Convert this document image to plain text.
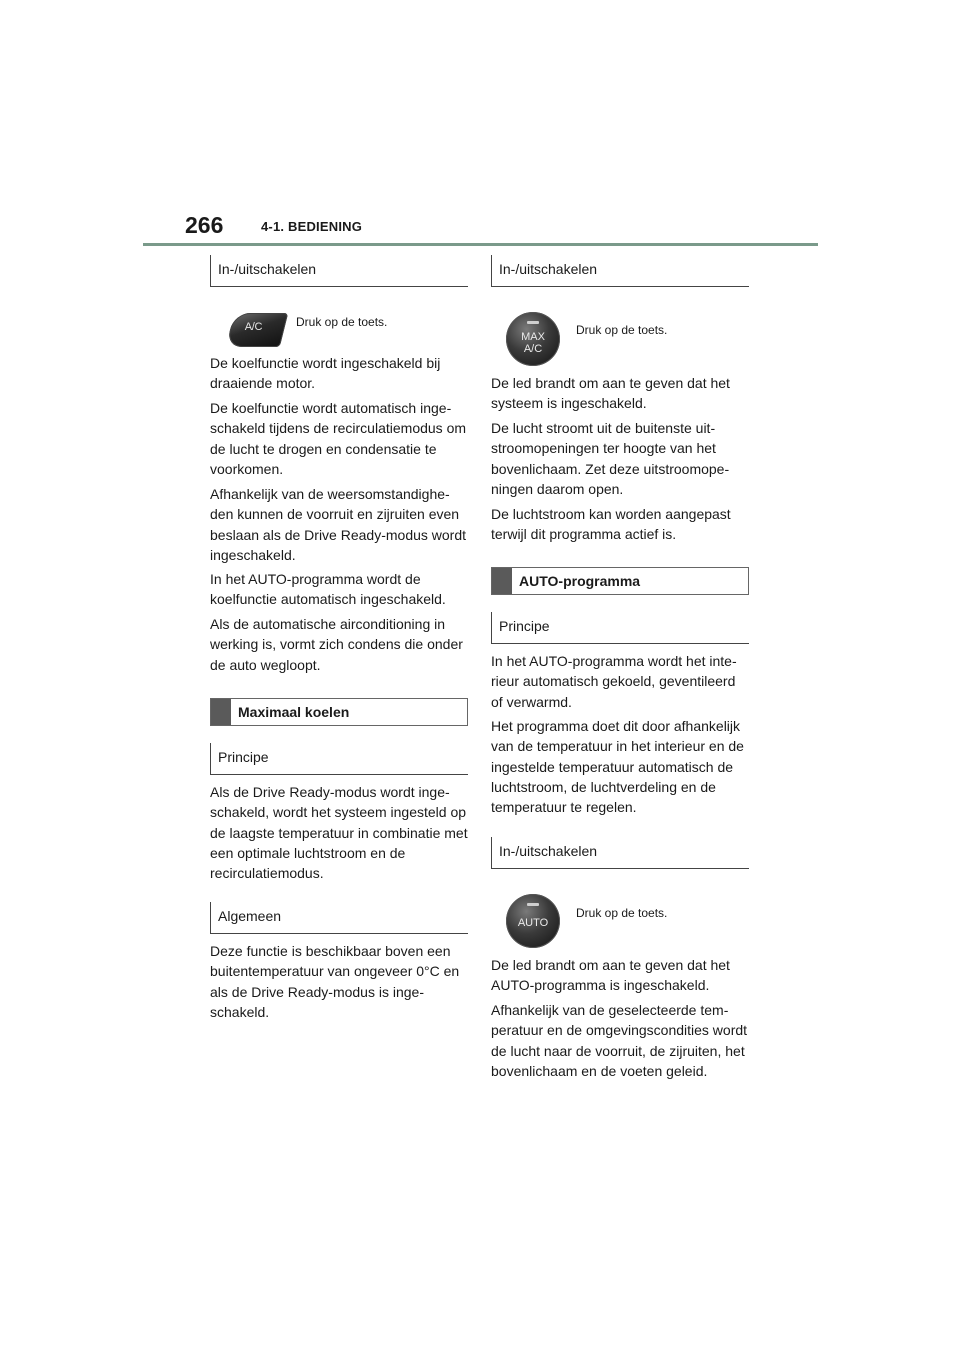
266	4-1. BEDIENING
In-/uitschakelen
A/C	Druk op de toets.

De koelfunctie wordt ingeschakeld bij draaiende motor.

De koelfunctie wordt automatisch ingeschakeld tijdens de recirculatiemodus om de lucht te drogen en condensatie te voorkomen.

Afhankelijk van de weersomstandigheden kunnen de voorruit en zijruiten even beslaan als de Drive Ready-modus wordt ingeschakeld.

In het AUTO-programma wordt de koelfunctie automatisch ingeschakeld.

Als de automatische airconditioning in werking is, vormt zich condens die onder de auto wegloopt.

Maximaal koelen
Principe

Als de Drive Ready-modus wordt ingeschakeld, wordt het systeem ingesteld op de laagste temperatuur in combinatie met een optimale luchtstroom en de recirculatiemodus.

Algemeen

Deze functie is beschikbaar boven een buitentemperatuur van ongeveer 0°C en als de Drive Ready-modus is ingeschakeld.

In-/uitschakelen
MAX
A/C
Druk op de toets.

De led brandt om aan te geven dat het systeem is ingeschakeld.

De lucht stroomt uit de buitenste uitstroomopeningen ter hoogte van het bovenlichaam. Zet deze uitstroomopeningen daarom open.

De luchtstroom kan worden aangepast terwijl dit programma actief is.

AUTO-programma
Principe

In het AUTO-programma wordt het interieur automatisch gekoeld, geventileerd of verwarmd.

Het programma doet dit door afhankelijk van de temperatuur in het interieur en de ingestelde temperatuur automatisch de luchtstroom, de luchtverdeling en de temperatuur te regelen.

In-/uitschakelen
AUTO
Druk op de toets.

De led brandt om aan te geven dat het AUTO-programma is ingeschakeld.

Afhankelijk van de geselecteerde temperatuur en de omgevingscondities wordt de lucht naar de voorruit, de zijruiten, het bovenlichaam en de voeten geleid.
